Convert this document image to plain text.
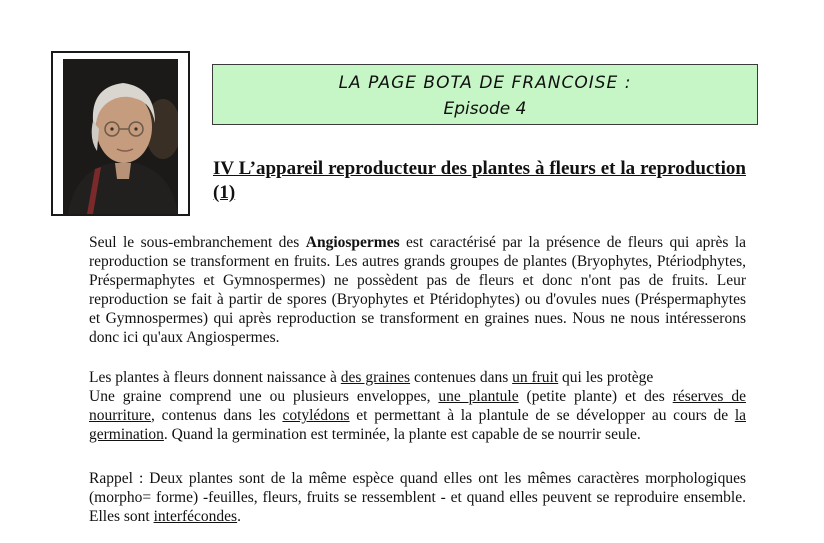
LA PAGE BOTA DE FRANCOISE :
Episode 4
IV L’appareil reproducteur des plantes à fleurs et la reproduction (1)
Seul le sous-embranchement des Angiospermes est caractérisé par la présence de fleurs qui après la reproduction se transforment en fruits. Les autres grands groupes de plantes (Bryophytes, Ptériodphytes, Préspermaphytes et Gymnospermes) ne possèdent pas de fleurs et donc n'ont pas de fruits. Leur reproduction se fait à partir de spores (Bryophytes et Ptéridophytes) ou d'ovules nues (Préspermaphytes et Gymnospermes) qui après reproduction se transforment en graines nues. Nous ne nous intéresserons donc ici qu'aux Angiospermes.
Les plantes à fleurs donnent naissance à des graines contenues dans un fruit qui les protège
Une graine comprend une ou plusieurs enveloppes, une plantule (petite plante) et des réserves de nourriture, contenus dans les cotylédons et permettant à la plantule de se développer au cours de la germination. Quand la germination est terminée, la plante est capable de se nourrir seule.
Rappel : Deux plantes sont de la même espèce quand elles ont les mêmes caractères morphologiques (morpho= forme) -feuilles, fleurs, fruits se ressemblent - et quand elles peuvent se reproduire ensemble. Elles sont interfécondes.
